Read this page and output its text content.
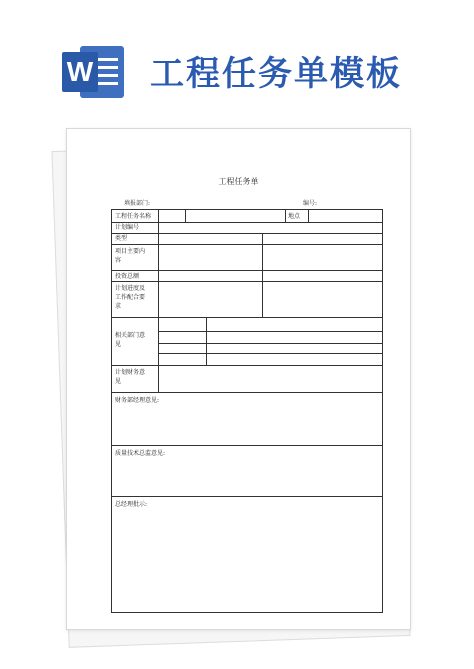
W 工程任务单模板
工程任务单
填报部门:	编号:
工程任务名称	地点
计划编号
类型
项目主要内
容
投资总额
计划进度及
工作配合要
求
相关部门意
见
计划财务意
见
财务部经理意见:
质量技术总监意见:
总经理批示:
